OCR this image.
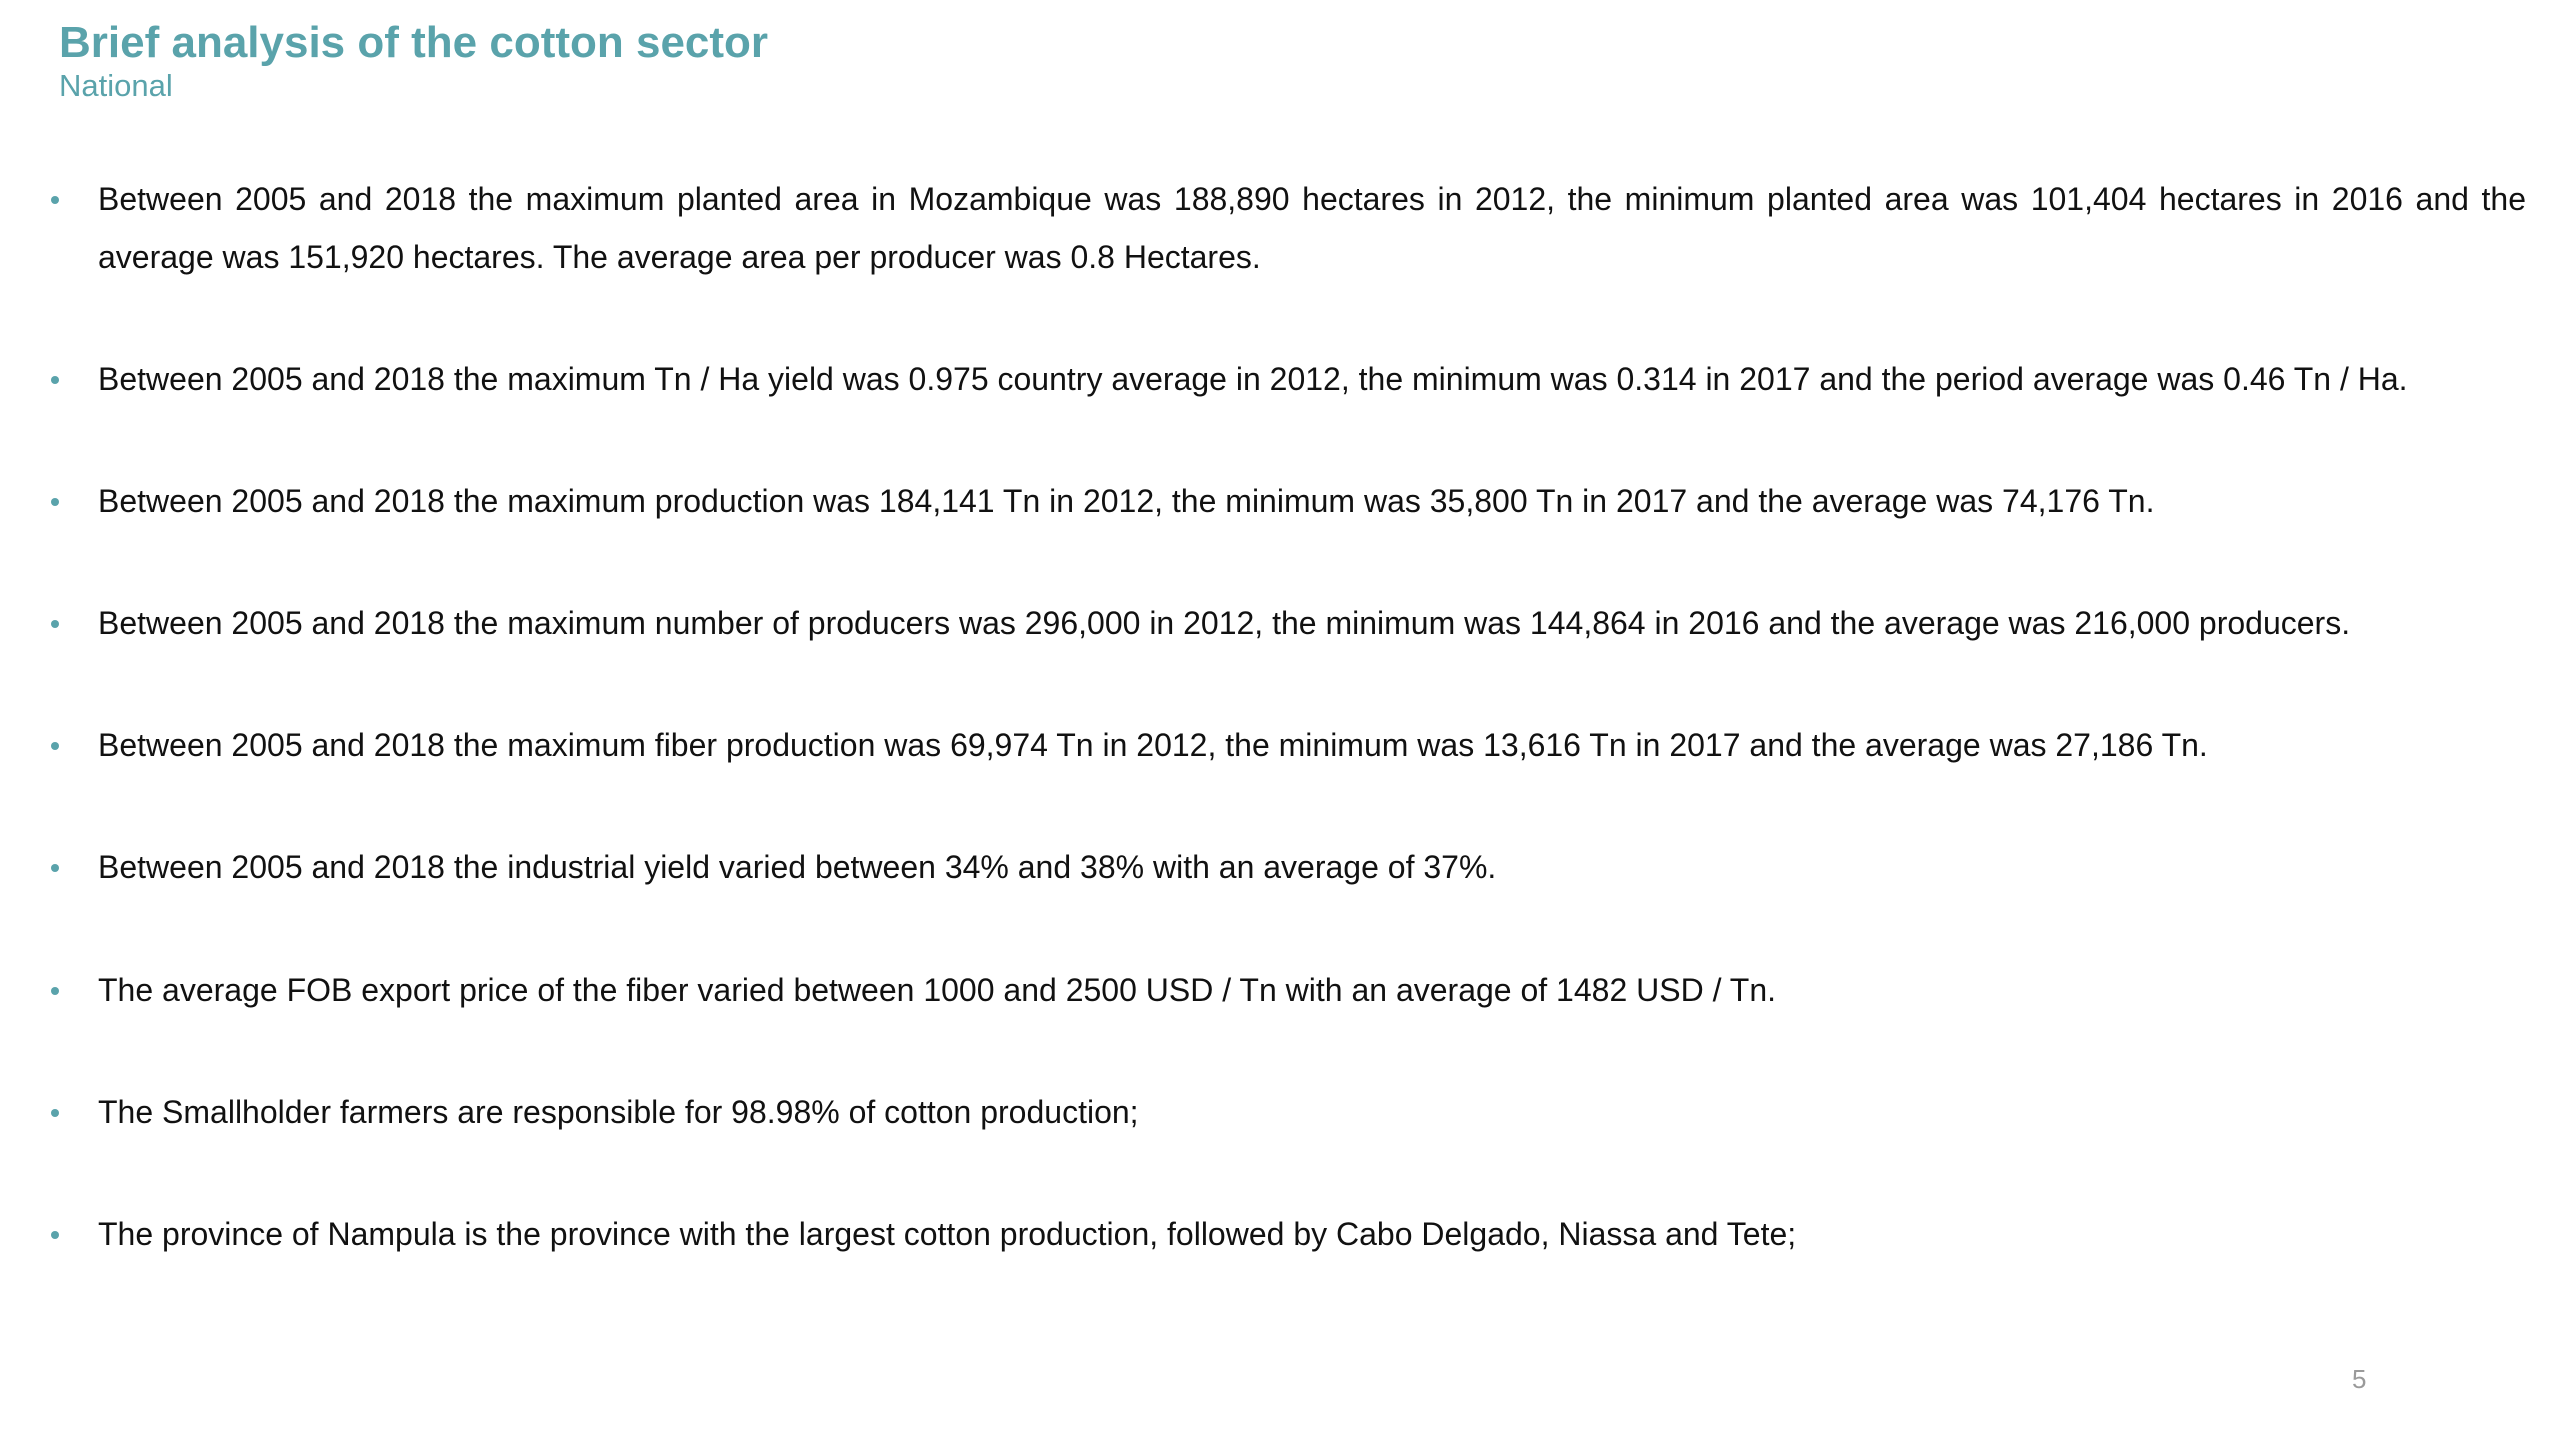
Brief analysis of the cotton sector
National
Between 2005 and 2018 the maximum planted area in Mozambique was 188,890 hectares in 2012, the minimum planted area was 101,404 hectares in 2016 and the average was 151,920 hectares. The average area per producer was 0.8 Hectares.
Between 2005 and 2018 the maximum Tn / Ha yield was 0.975 country average in 2012, the minimum was 0.314 in 2017 and the period average was 0.46 Tn / Ha.
Between 2005 and 2018 the maximum production was 184,141 Tn in 2012, the minimum was 35,800 Tn in 2017 and the average was 74,176 Tn.
Between 2005 and 2018 the maximum number of producers was 296,000 in 2012, the minimum was 144,864 in 2016 and the average was 216,000 producers.
Between 2005 and 2018 the maximum fiber production was 69,974 Tn in 2012, the minimum was 13,616 Tn in 2017 and the average was 27,186 Tn.
Between 2005 and 2018 the industrial yield varied between 34% and 38% with an average of 37%.
The average FOB export price of the fiber varied between 1000 and 2500 USD / Tn with an average of 1482 USD / Tn.
The Smallholder farmers are responsible for 98.98% of cotton production;
The province of Nampula is the province with the largest cotton production, followed by Cabo Delgado, Niassa and Tete;
5
